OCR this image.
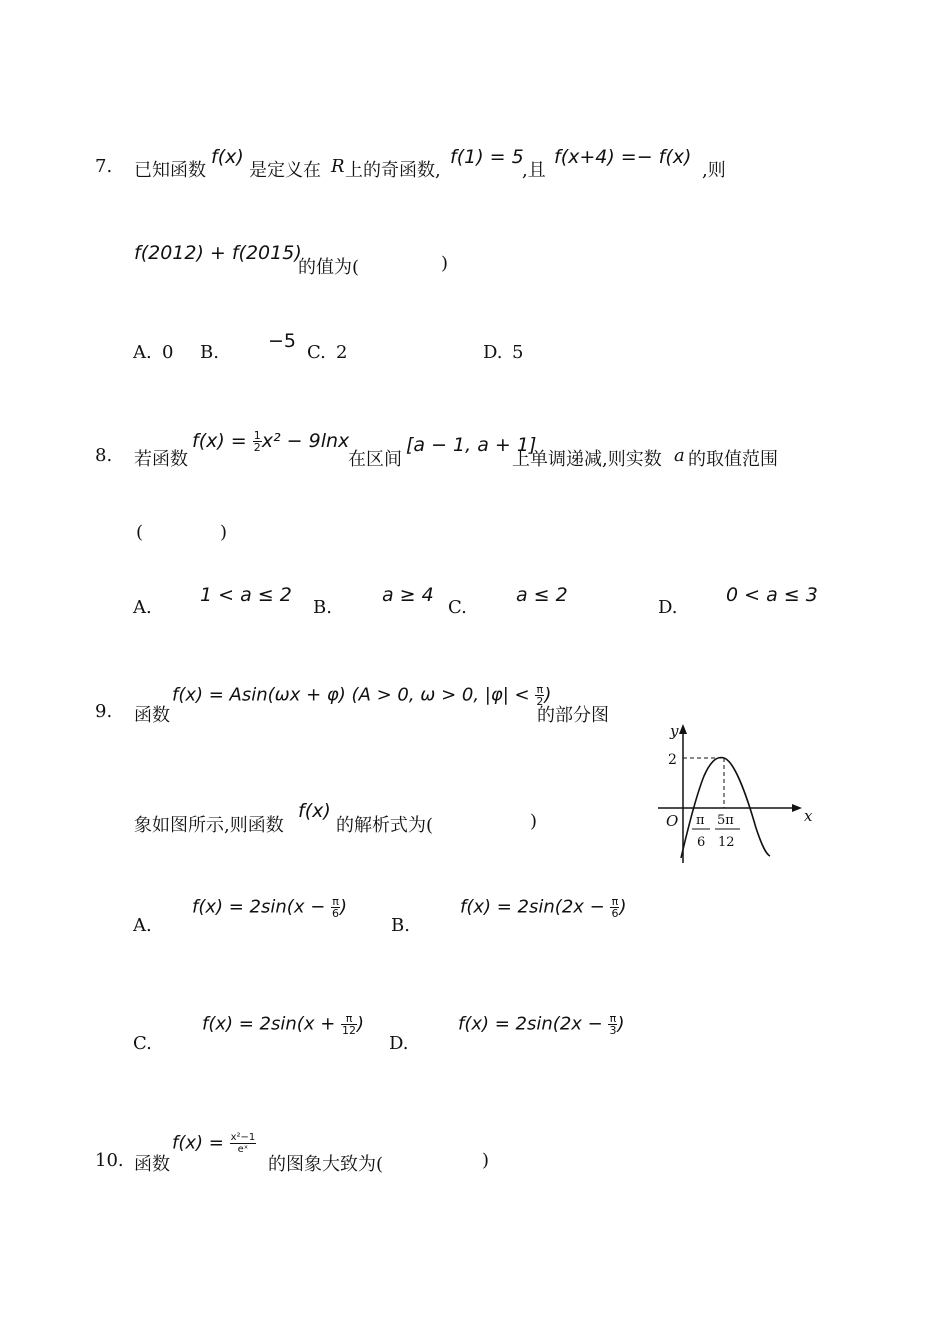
7. 已知函数
f(x)
是定义在 R 上的奇函数,
f(1) = 5
,且
f(x+4) =− f(x)
,则
f(2012) + f(2015)
的值为(	)
A. 0 B.
−5
C. 2	D. 5
8. 若函数
$f(x) = \frac{1}{2} x^2 - 9\ln x$
在区间
[a − 1, a + 1]
上单调递减,则实数 a 的取值范围
(	)
A.
1 < a ≤ 2
B.
a ≥ 4
C.
a ≤ 2
D.
0 < a ≤ 3
9. 函数
f(x) = Asin(ωx + φ) (A > 0, ω > 0, $|\varphi| < \frac{\pi}{2}$ )
的部分图
象如图所示,则函数
f(x)
的解析式为(	)
A.
$f(x) = 2\sin(x - \frac{\pi}{6}$ )
B.
$f(x) = 2\sin(2x - \frac{\pi}{6}$ )
C.
$f(x) = 2\sin(x + \frac{\pi}{12}$ )
D.
$f(x) = 2\sin(2x - \frac{\pi}{3}$ )
y
x
O
2
π
6
5π
12
10. 函数
$f(x) = \frac{\text{x²−1}}{\text{eˣ}}$
的图象大致为(	)
